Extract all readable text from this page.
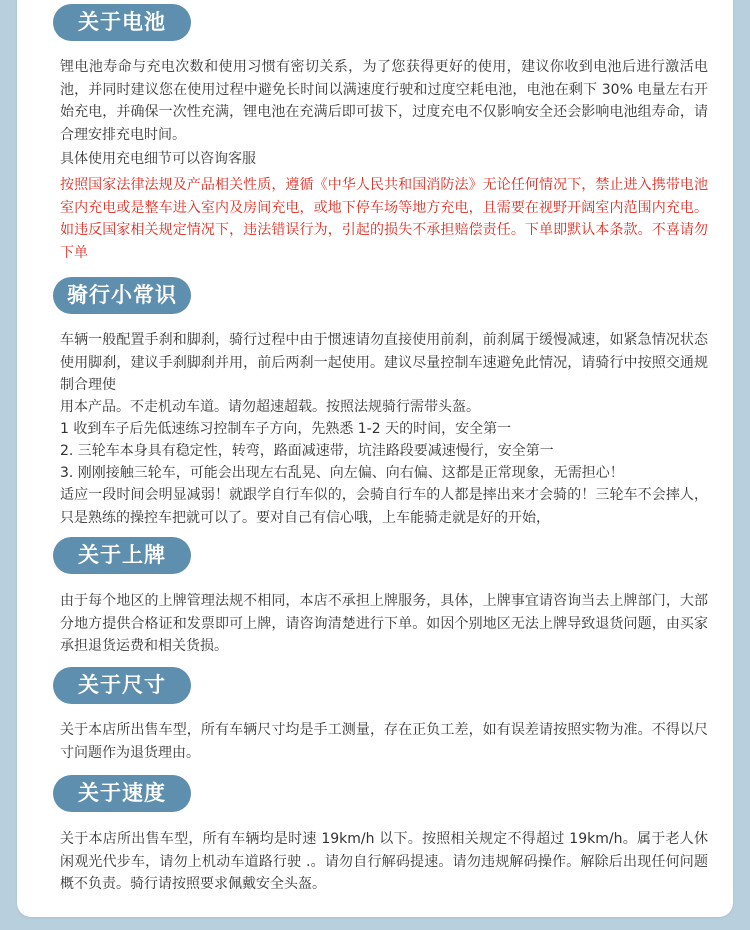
关于电池

锂电池寿命与充电次数和使用习惯有密切关系，为了您获得更好的使用，建议你收到电池后进行激活电池，并同时建议您在使用过程中避免长时间以满速度行驶和过度空耗电池，电池在剩下 30% 电量左右开始充电，并确保一次性充满，锂电池在充满后即可拔下，过度充电不仅影响安全还会影响电池组寿命，请合理安排充电时间。

具体使用充电细节可以咨询客服

按照国家法律法规及产品相关性质，遵循《中华人民共和国消防法》无论任何情况下，禁止进入携带电池室内充电或是整车进入室内及房间充电，或地下停车场等地方充电，且需要在视野开阔室内范围内充电。如违反国家相关规定情况下，违法错误行为，引起的损失不承担赔偿责任。下单即默认本条款。不喜请勿下单

骑行小常识

车辆一般配置手刹和脚刹，骑行过程中由于惯速请勿直接使用前刹，前刹属于缓慢减速，如紧急情况状态使用脚刹，建议手刹脚刹并用，前后两刹一起使用。建议尽量控制车速避免此情况，请骑行中按照交通规制合理使

用本产品。不走机动车道。请勿超速超载。按照法规骑行需带头盔。

1 收到车子后先低速练习控制车子方向，先熟悉 1-2 天的时间，安全第一

2. 三轮车本身具有稳定性，转弯，路面减速带，坑洼路段要减速慢行，安全第一

3. 刚刚接触三轮车，可能会出现左右乱晃、向左偏、向右偏、这都是正常现象，无需担心！

适应一段时间会明显减弱！就跟学自行车似的，会骑自行车的人都是摔出来才会骑的！三轮车不会摔人，只是熟练的操控车把就可以了。要对自己有信心哦，上车能骑走就是好的开始，

关于上牌

由于每个地区的上牌管理法规不相同，本店不承担上牌服务，具体，上牌事宜请咨询当去上牌部门，大部分地方提供合格证和发票即可上牌，请咨询清楚进行下单。如因个别地区无法上牌导致退货问题，由买家承担退货运费和相关货损。

关于尺寸

关于本店所出售车型，所有车辆尺寸均是手工测量，存在正负工差，如有误差请按照实物为准。不得以尺寸问题作为退货理由。

关于速度

关于本店所出售车型，所有车辆均是时速 19km/h 以下。按照相关规定不得超过 19km/h。属于老人休闲观光代步车，请勿上机动车道路行驶 .。请勿自行解码提速。请勿违规解码操作。解除后出现任何问题概不负责。骑行请按照要求佩戴安全头盔。
